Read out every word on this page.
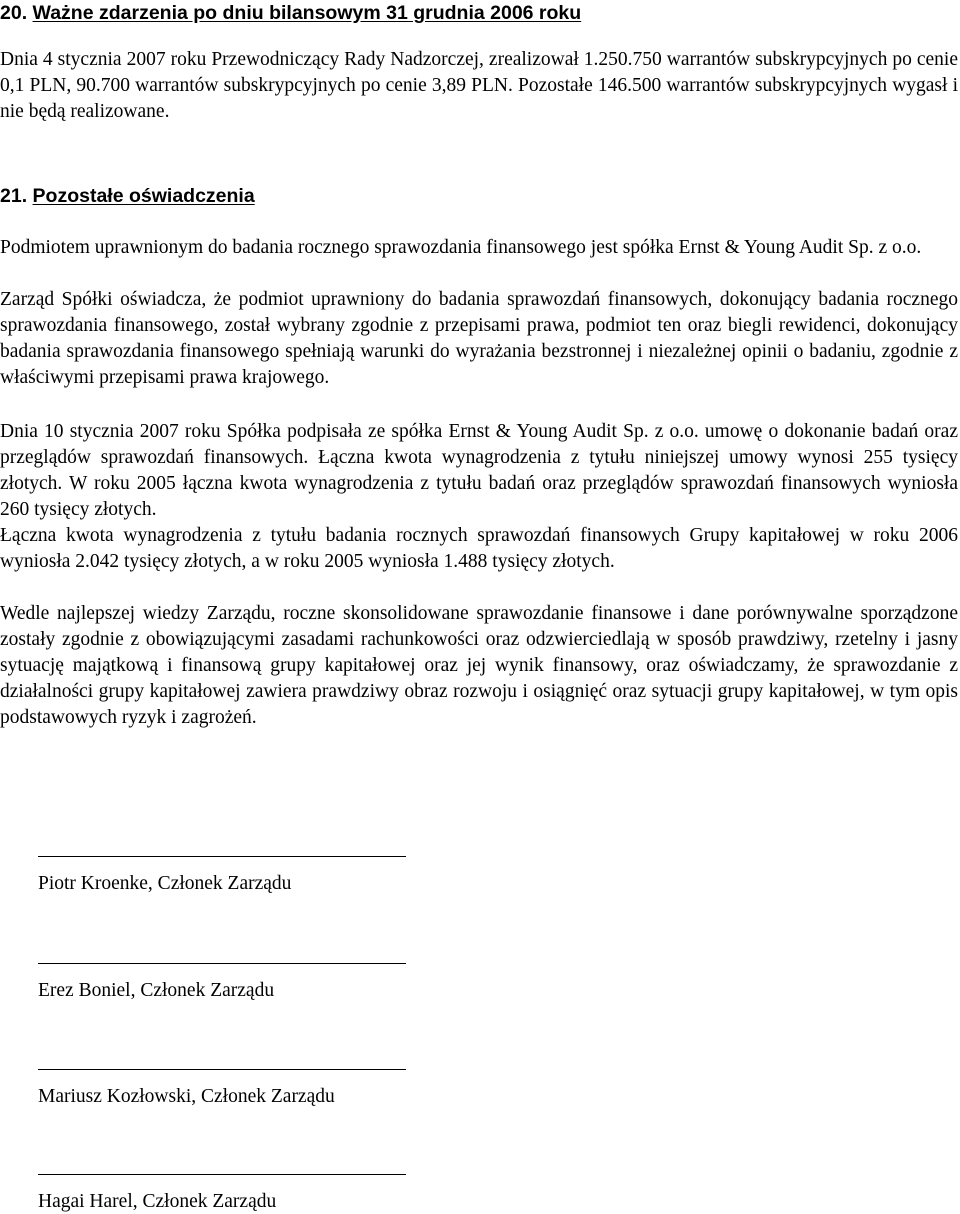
20. Ważne zdarzenia po dniu bilansowym 31 grudnia 2006 roku

Dnia 4 stycznia 2007 roku Przewodniczący Rady Nadzorczej, zrealizował 1.250.750 warrantów subskrypcyjnych po cenie 0,1 PLN, 90.700 warrantów subskrypcyjnych po cenie 3,89 PLN. Pozostałe 146.500 warrantów subskrypcyjnych wygasł i nie będą realizowane.

21. Pozostałe oświadczenia

Podmiotem uprawnionym do badania rocznego sprawozdania finansowego jest spółka Ernst & Young Audit Sp. z o.o.

Zarząd Spółki oświadcza, że podmiot uprawniony do badania sprawozdań finansowych, dokonujący badania rocznego sprawozdania finansowego, został wybrany zgodnie z przepisami prawa, podmiot ten oraz biegli rewidenci, dokonujący badania sprawozdania finansowego spełniają warunki do wyrażania bezstronnej i niezależnej opinii o badaniu, zgodnie z właściwymi przepisami prawa krajowego.

Dnia 10 stycznia 2007 roku Spółka podpisała ze spółka Ernst & Young Audit Sp. z o.o. umowę o dokonanie badań oraz przeglądów sprawozdań finansowych. Łączna kwota wynagrodzenia z tytułu niniejszej umowy wynosi 255 tysięcy złotych. W roku 2005 łączna kwota wynagrodzenia z tytułu badań oraz przeglądów sprawozdań finansowych wyniosła 260 tysięcy złotych.

Łączna kwota wynagrodzenia z tytułu badania rocznych sprawozdań finansowych Grupy kapitałowej w roku 2006 wyniosła 2.042 tysięcy złotych, a w roku 2005 wyniosła 1.488 tysięcy złotych.

Wedle najlepszej wiedzy Zarządu, roczne skonsolidowane sprawozdanie finansowe i dane porównywalne sporządzone zostały zgodnie z obowiązującymi zasadami rachunkowości oraz odzwierciedlają w sposób prawdziwy, rzetelny i jasny sytuację majątkową i finansową grupy kapitałowej oraz jej wynik finansowy, oraz oświadczamy, że sprawozdanie z działalności grupy kapitałowej zawiera prawdziwy obraz rozwoju i osiągnięć oraz sytuacji grupy kapitałowej, w tym opis podstawowych ryzyk i zagrożeń.

Piotr Kroenke, Członek Zarządu
Erez Boniel, Członek Zarządu
Mariusz Kozłowski, Członek Zarządu
Hagai Harel, Członek Zarządu
